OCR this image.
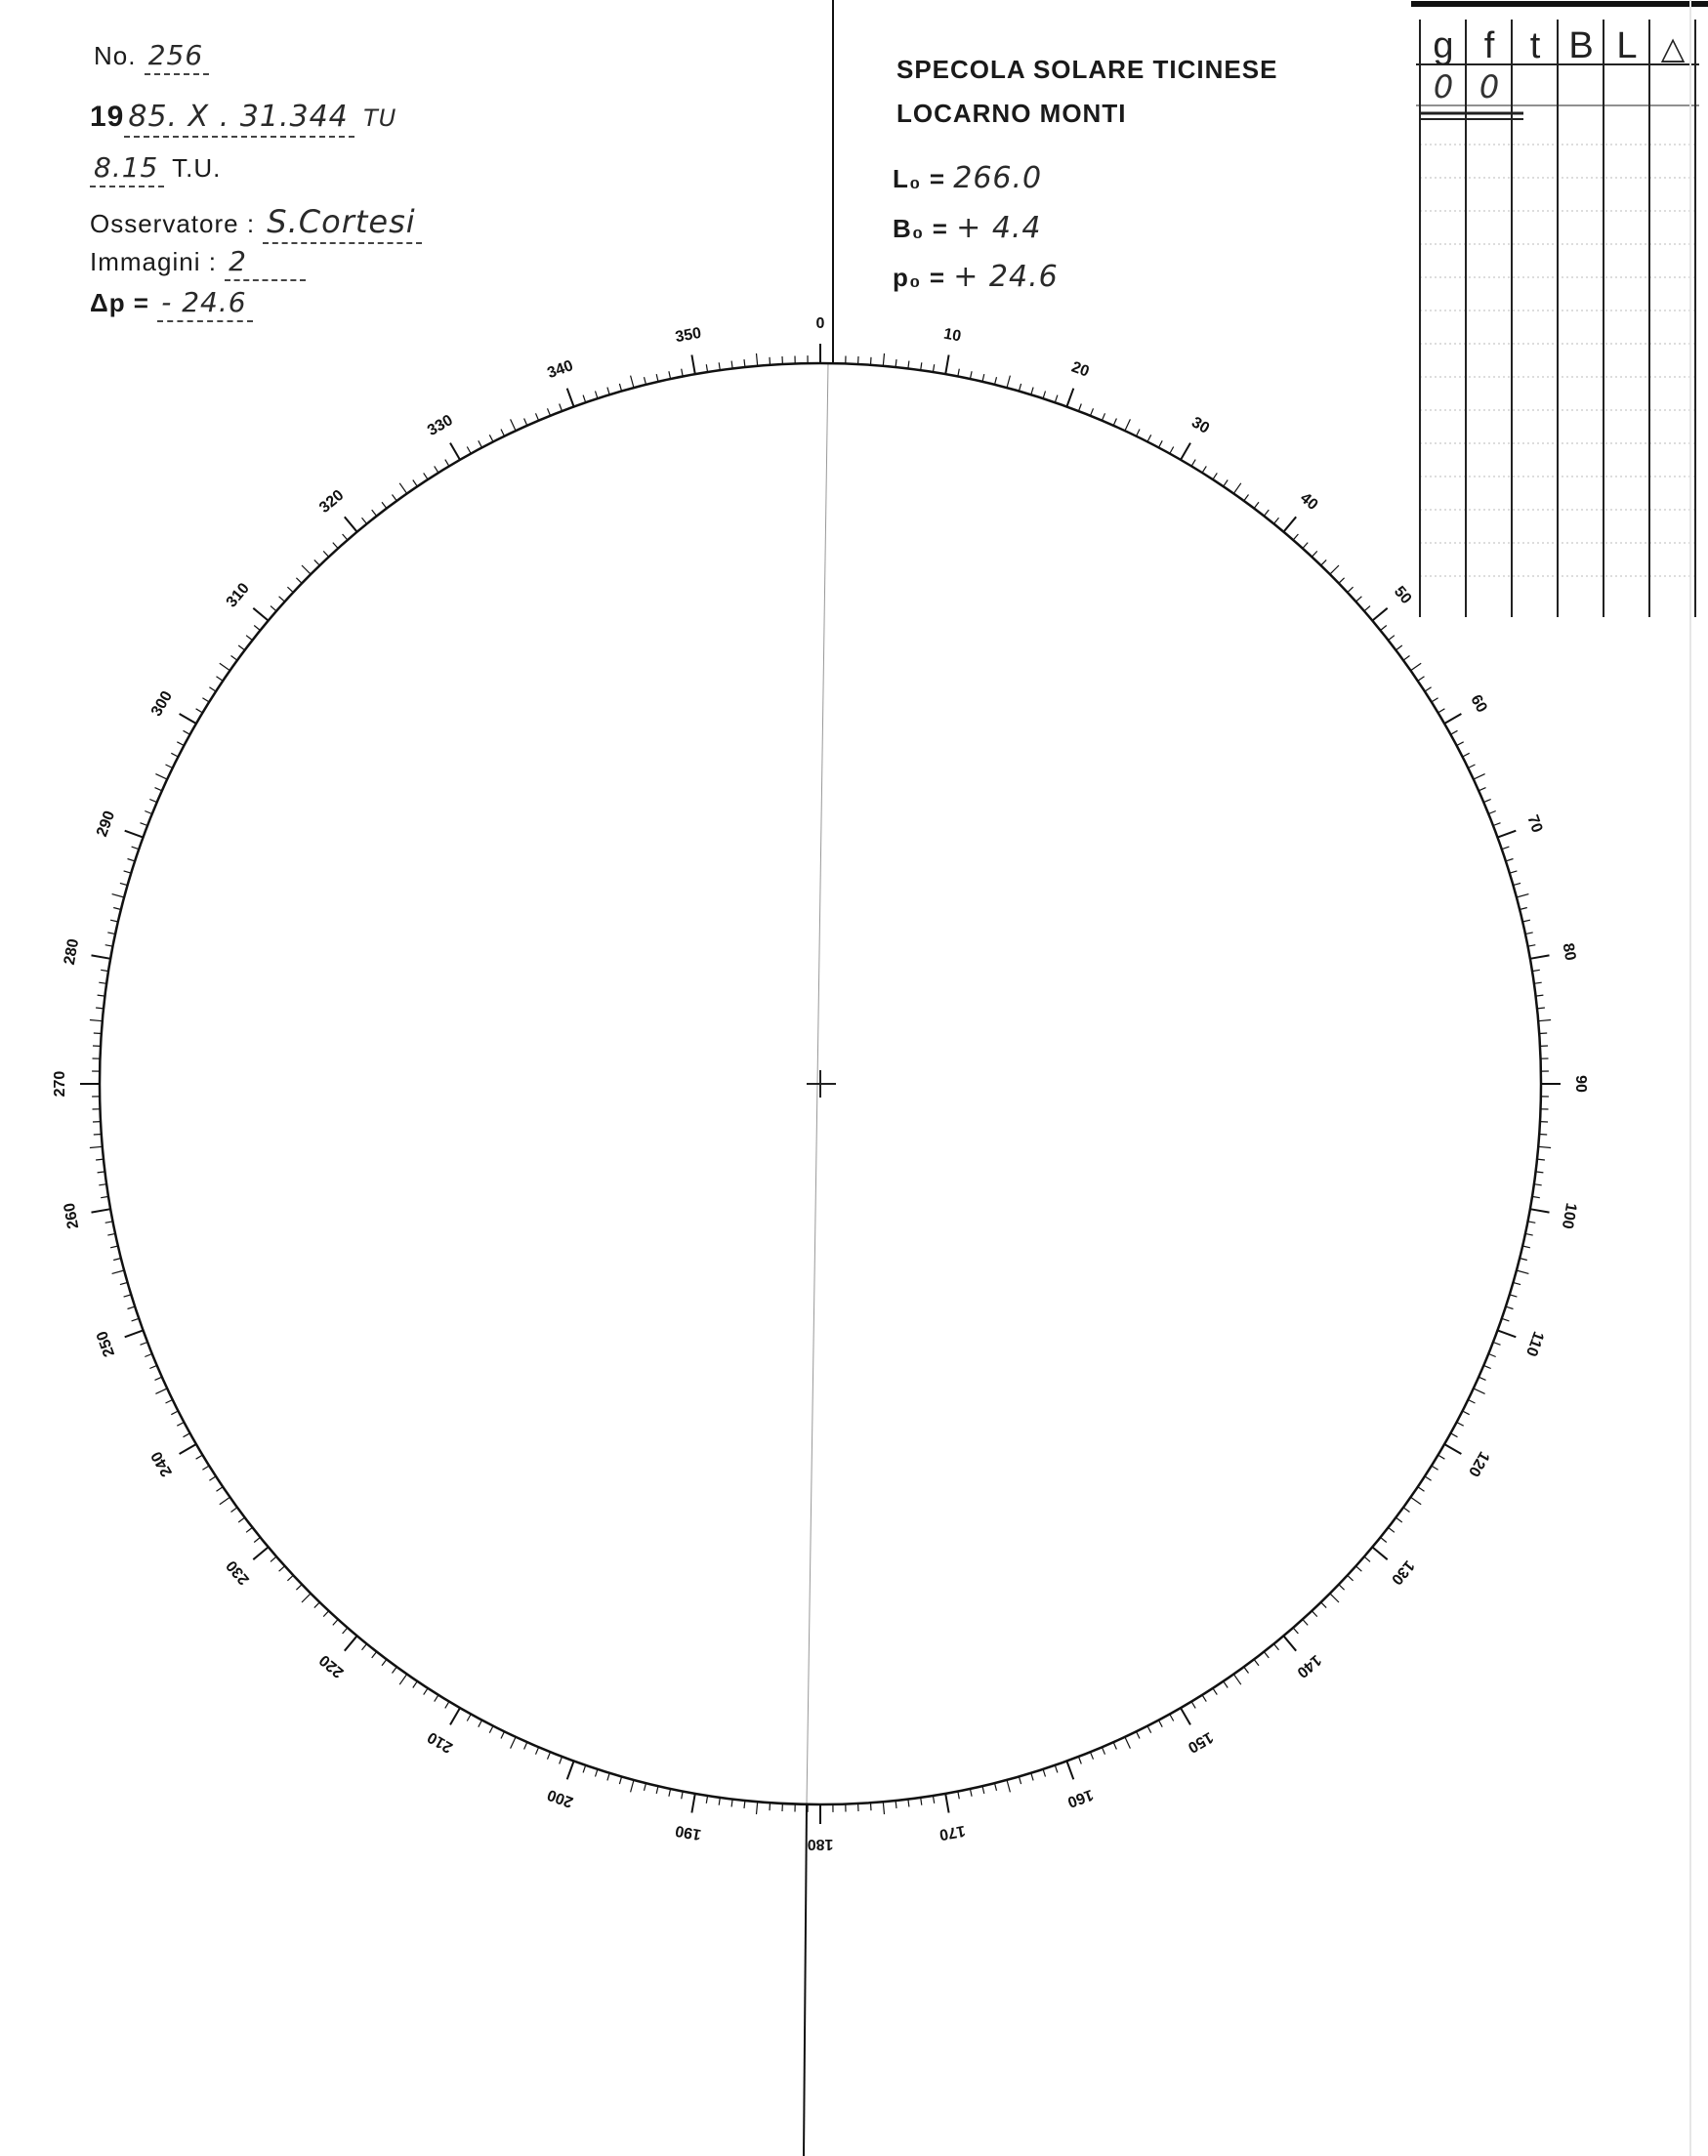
No. 256
19 85. X . 31.344 TU
8.15 T.U.
Osservatore : S.Cortesi
Immagini : 2
Δp = - 24.6
SPECOLA SOLARE TICINESE
LOCARNO MONTI
L₀ = 266.0
B₀ = + 4.4
p₀ = + 24.6
g f t B L △
0 0
0
10
20
30
40
50
60
70
80
90
100
110
120
130
140
150
160
170
180
190
200
210
220
230
240
250
260
270
280
290
300
310
320
330
340
350
